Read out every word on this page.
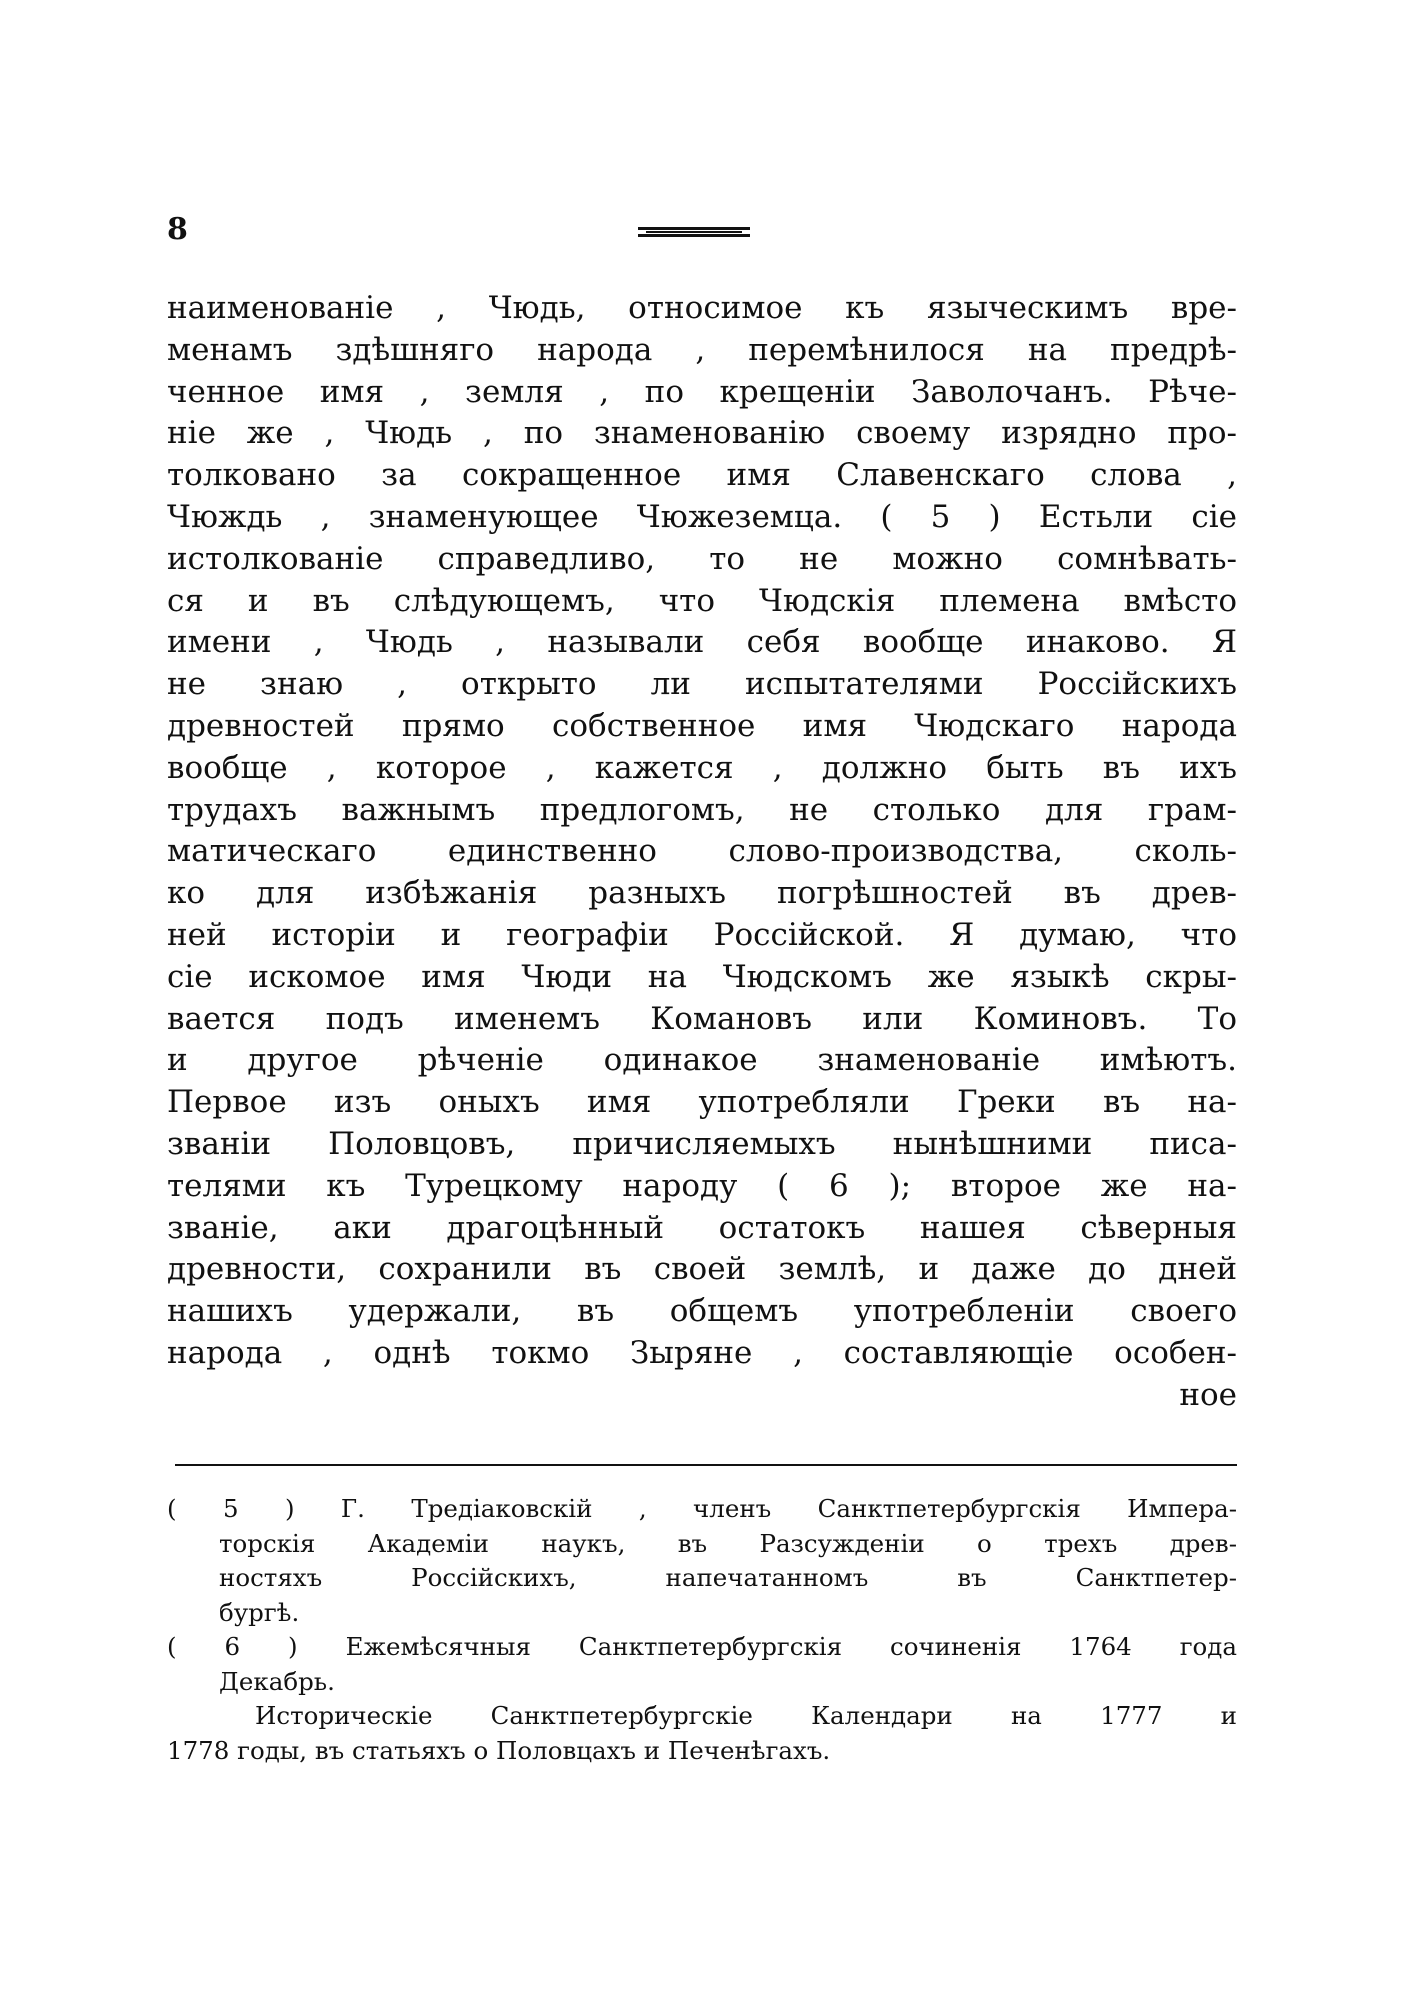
8
наименованіе , Чюдь, относимое къ языческимъ вре-
менамъ здѣшняго народа , перемѣнилося на предрѣ-
ченное имя , земля , по крещеніи Заволочанъ. Рѣче-
ніе же , Чюдь , по знаменованію своему изрядно про-
толковано за сокращенное имя Славенскаго слова ,
Чюждь , знаменующее Чюжеземца. ( 5 ) Естьли сіе
истолкованіе справедливо, то не можно сомнѣвать-
ся и въ слѣдующемъ, что Чюдскія племена вмѣсто
имени , Чюдь , называли себя вообще инаково. Я
не знаю , открыто ли испытателями Россійскихъ
древностей прямо собственное имя Чюдскаго народа
вообще , которое , кажется , должно быть въ ихъ
трудахъ важнымъ предлогомъ, не столько для грам-
матическаго единственно слово-производства, сколь-
ко для избѣжанія разныхъ погрѣшностей въ древ-
ней исторіи и географіи Россійской. Я думаю, что
сіе искомое имя Чюди на Чюдскомъ же языкѣ скры-
вается подъ именемъ Комановъ или Коминовъ. То
и другое рѣченіе одинакое знаменованіе имѣютъ.
Первое изъ оныхъ имя употребляли Греки въ на-
званіи Половцовъ, причисляемыхъ нынѣшними писа-
телями къ Турецкому народу ( 6 ); второе же на-
званіе, аки драгоцѣнный остатокъ нашея сѣверныя
древности, сохранили въ своей землѣ, и даже до дней
нашихъ удержали, въ общемъ употребленіи своего
народа , однѣ токмо Зыряне , составляющіе особен-
ное
( 5 ) Г. Тредіаковскій , членъ Санктпетербургскія Импера-
торскія Академіи наукъ, въ Разсужденіи о трехъ древ-
ностяхъ Россійскихъ, напечатанномъ въ Санктпетер-
бургѣ.
( 6 ) Ежемѣсячныя Санктпетербургскія сочиненія 1764 года
Декабрь.
Историческіе Санктпетербургскіе Календари на 1777 и
1778 годы, въ статьяхъ о Половцахъ и Печенѣгахъ.
